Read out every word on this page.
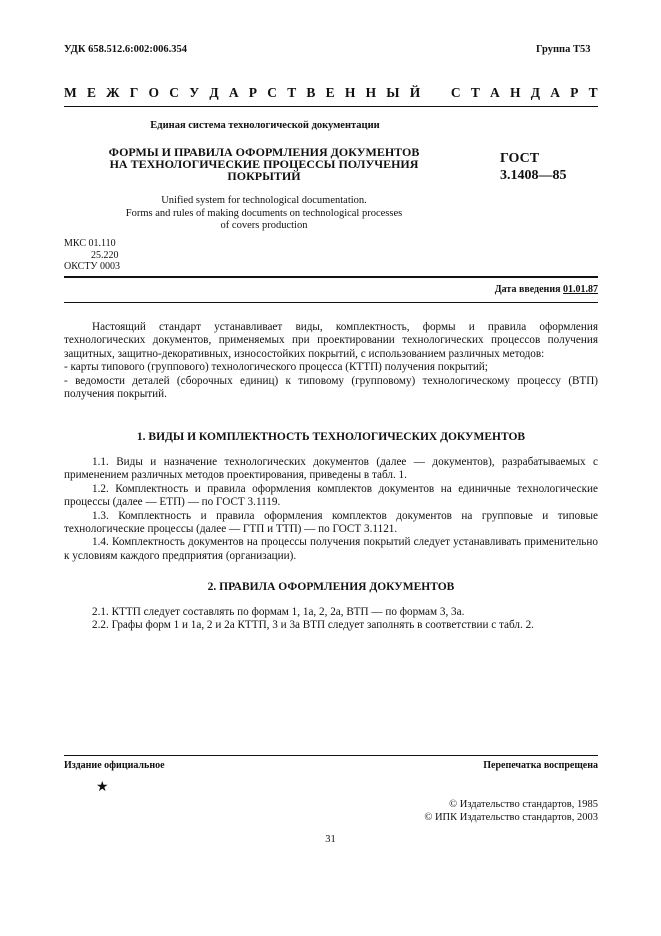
УДК 658.512.6:002:006.354	Группа Т53
М Е Ж Г О С У Д А Р С Т В Е Н Н Ы Й С Т А Н Д А Р Т
Единая система технологической документации
ФОРМЫ И ПРАВИЛА ОФОРМЛЕНИЯ ДОКУМЕНТОВ
НА ТЕХНОЛОГИЧЕСКИЕ ПРОЦЕССЫ ПОЛУЧЕНИЯ
ПОКРЫТИЙ
ГОСТ
3.1408—85
Unified system for technological documentation.
Forms and rules of making documents on technological processes
of covers production
МКС 01.110
25.220
ОКСТУ 0003
Дата введения 01.01.87

Настоящий стандарт устанавливает виды, комплектность, формы и правила оформления технологических документов, применяемых при проектировании технологических процессов получения защитных, защитно-декоративных, износостойких покрытий, с использованием различных методов:

- карты типового (группового) технологического процесса (КТТП) получения покрытий;

- ведомости деталей (сборочных единиц) к типовому (групповому) технологическому процессу (ВТП) получения покрытий.

1. ВИДЫ И КОМПЛЕКТНОСТЬ ТЕХНОЛОГИЧЕСКИХ ДОКУМЕНТОВ

1.1. Виды и назначение технологических документов (далее — документов), разрабатываемых с применением различных методов проектирования, приведены в табл. 1.

1.2. Комплектность и правила оформления комплектов документов на единичные технологические процессы (далее — ЕТП) — по ГОСТ 3.1119.

1.3. Комплектность и правила оформления комплектов документов на групповые и типовые технологические процессы (далее — ГТП и ТТП) — по ГОСТ 3.1121.

1.4. Комплектность документов на процессы получения покрытий следует устанавливать применительно к условиям каждого предприятия (организации).

2. ПРАВИЛА ОФОРМЛЕНИЯ ДОКУМЕНТОВ

2.1. КТТП следует составлять по формам 1, 1а, 2, 2а, ВТП — по формам 3, 3а.

2.2. Графы форм 1 и 1а, 2 и 2а КТТП, 3 и 3а ВТП следует заполнять в соответствии с табл. 2.

Издание официальное	Перепечатка воспрещена
★
© Издательство стандартов, 1985
© ИПК Издательство стандартов, 2003
31
